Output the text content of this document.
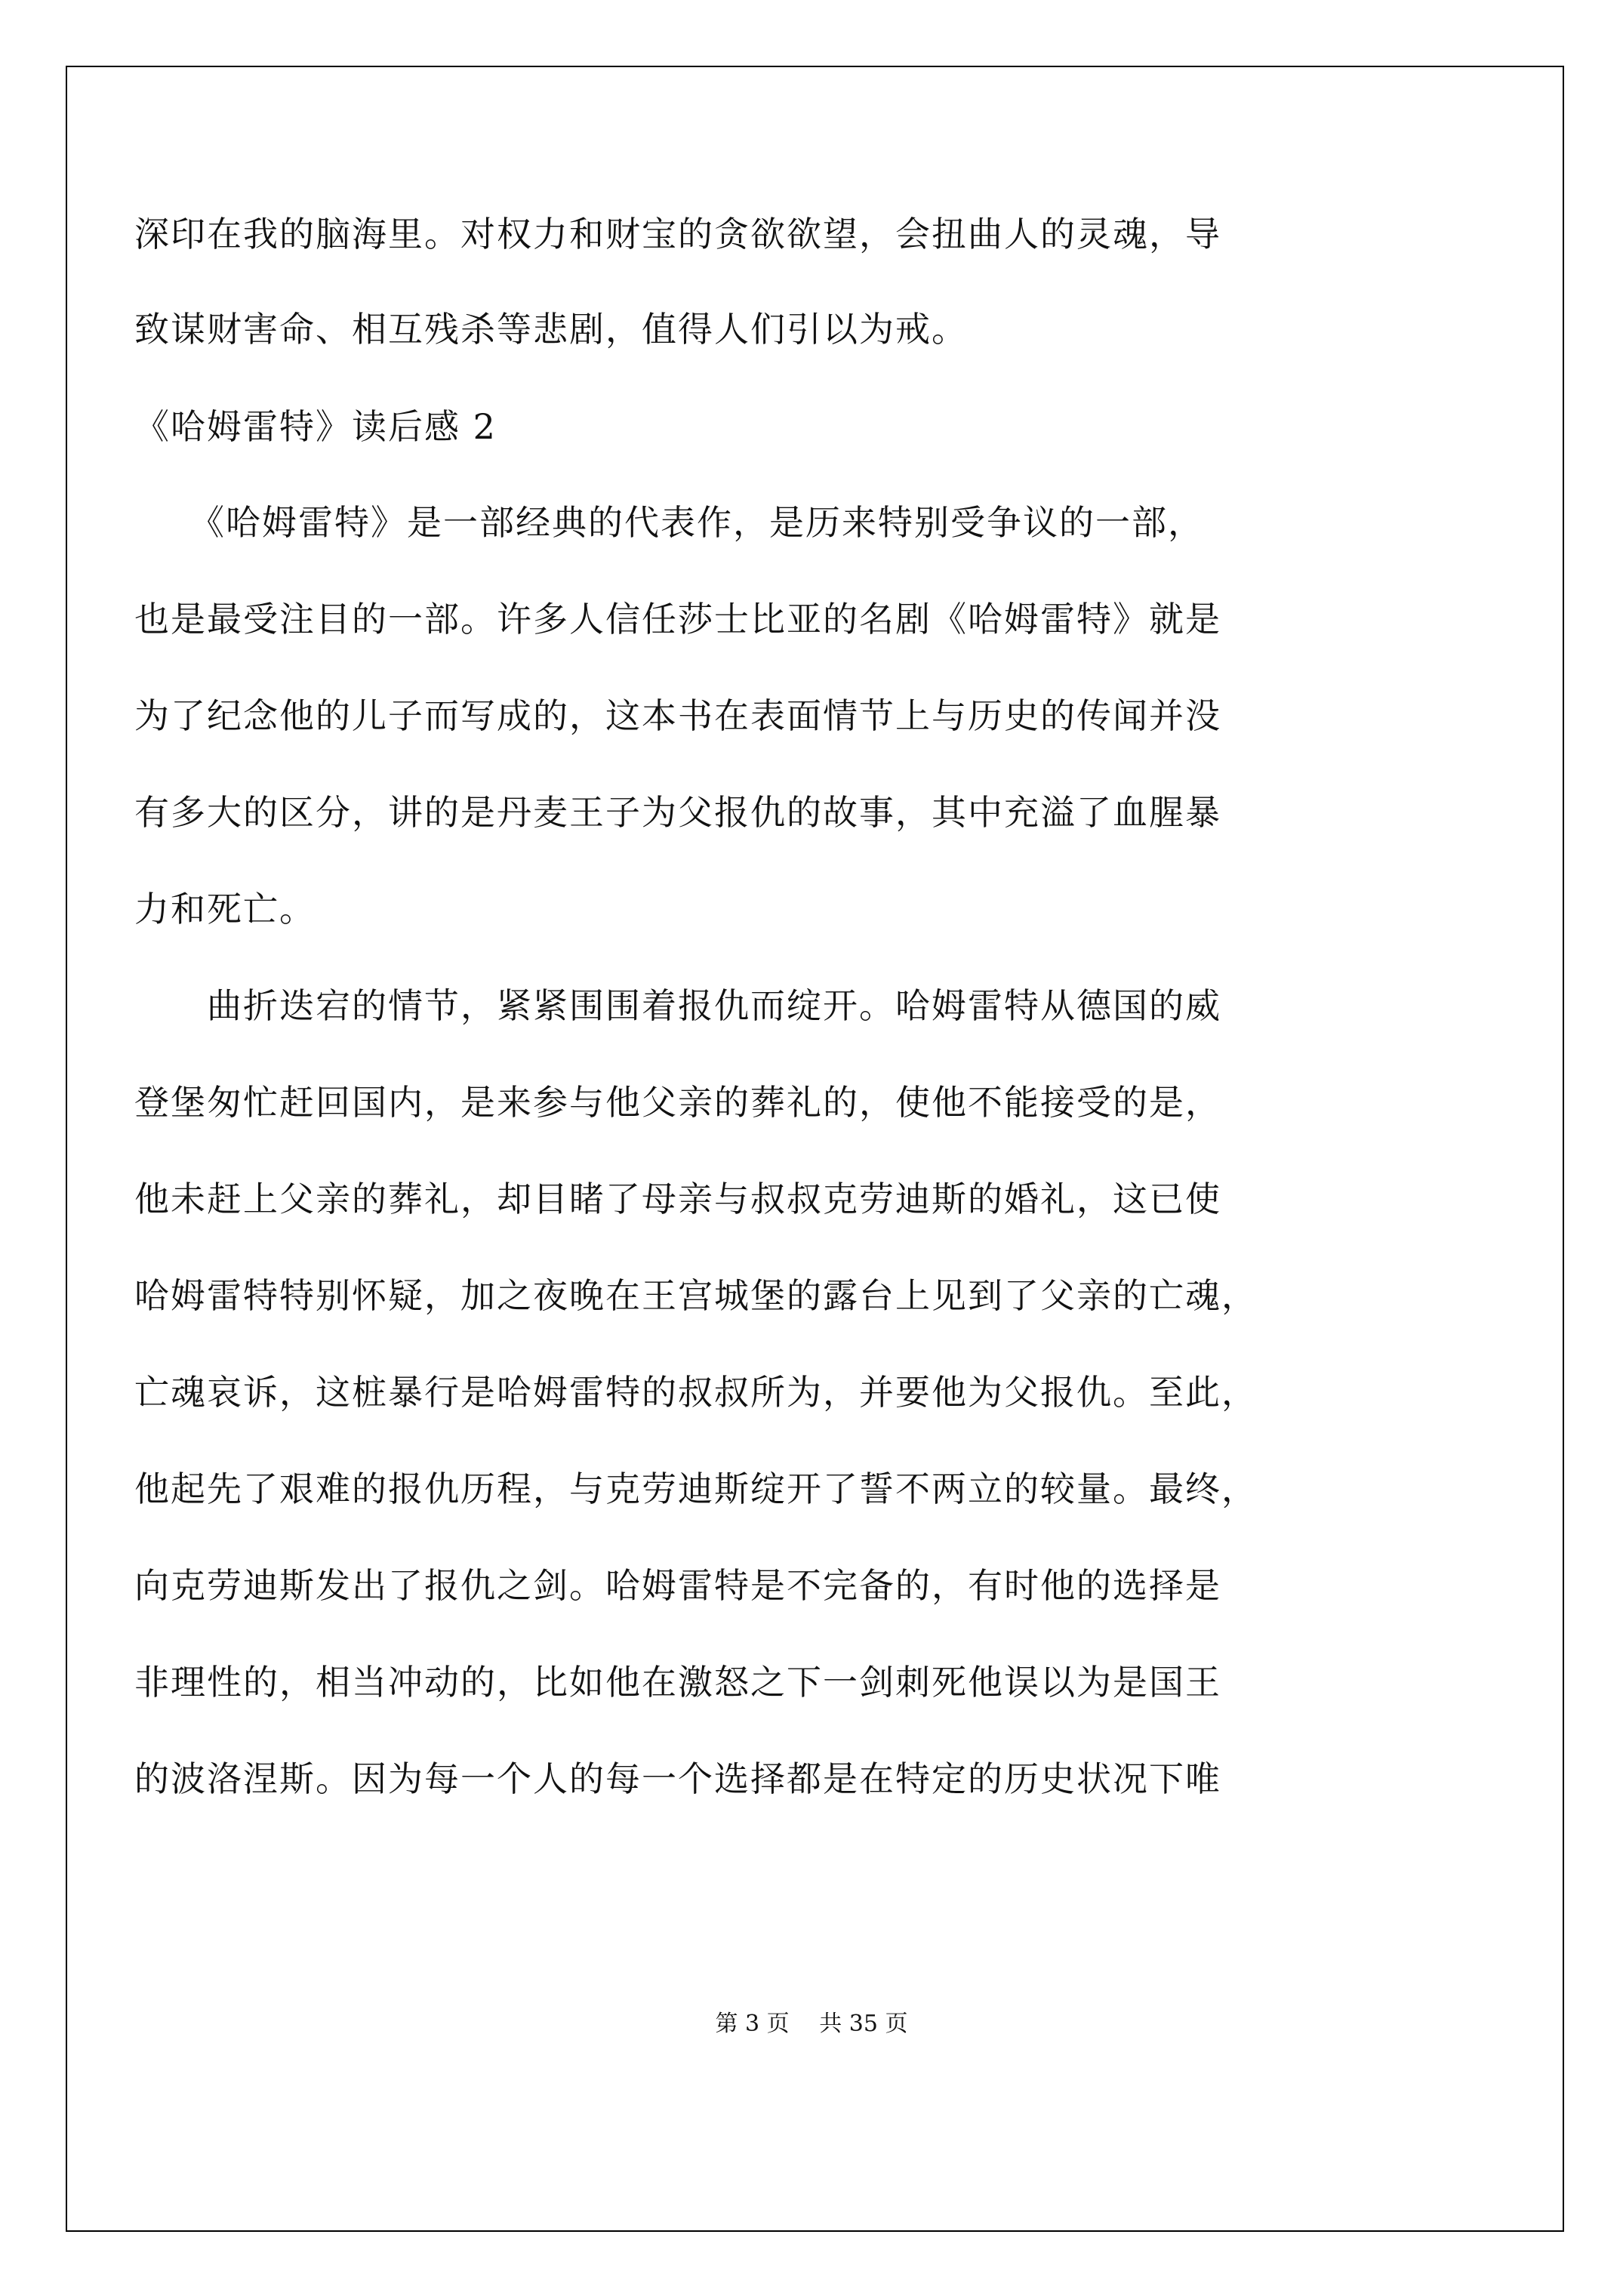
深印在我的脑海里。对权力和财宝的贪欲欲望，会扭曲人的灵魂，导
致谋财害命、相互残杀等悲剧，值得人们引以为戒。
《哈姆雷特》读后感 2
　　《哈姆雷特》是一部经典的代表作，是历来特别受争议的一部，
也是最受注目的一部。许多人信任莎士比亚的名剧《哈姆雷特》就是
为了纪念他的儿子而写成的，这本书在表面情节上与历史的传闻并没
有多大的区分，讲的是丹麦王子为父报仇的故事，其中充溢了血腥暴
力和死亡。
　　曲折迭宕的情节，紧紧围围着报仇而绽开。哈姆雷特从德国的威
登堡匆忙赶回国内，是来参与他父亲的葬礼的，使他不能接受的是，
他未赶上父亲的葬礼，却目睹了母亲与叔叔克劳迪斯的婚礼，这已使
哈姆雷特特别怀疑，加之夜晚在王宫城堡的露台上见到了父亲的亡魂，
亡魂哀诉，这桩暴行是哈姆雷特的叔叔所为，并要他为父报仇。至此，
他起先了艰难的报仇历程，与克劳迪斯绽开了誓不两立的较量。最终，
向克劳迪斯发出了报仇之剑。哈姆雷特是不完备的，有时他的选择是
非理性的，相当冲动的，比如他在激怒之下一剑刺死他误以为是国王
的波洛涅斯。因为每一个人的每一个选择都是在特定的历史状况下唯
第 3 页　 共 35 页
